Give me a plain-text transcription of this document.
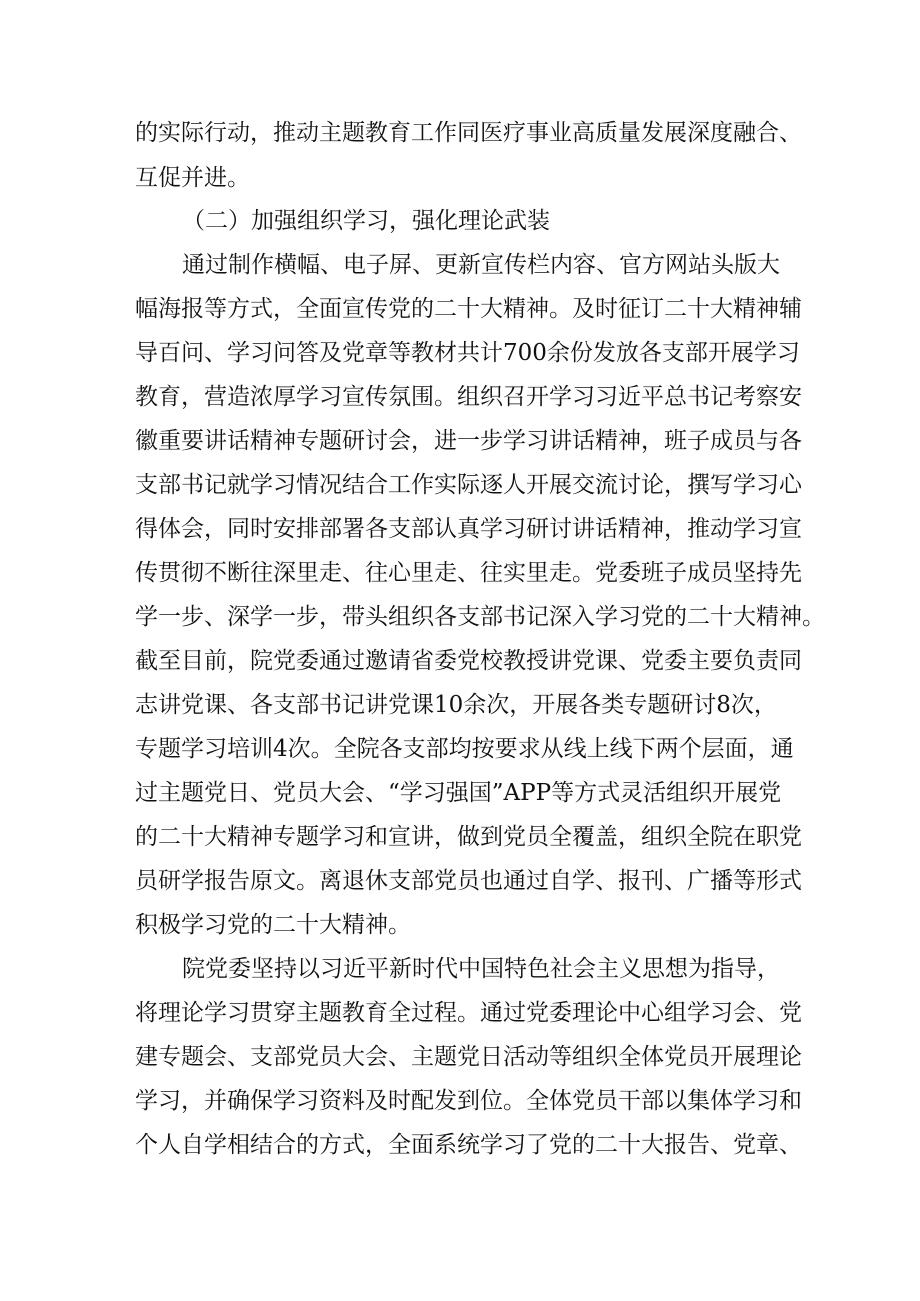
的实际行动，推动主题教育工作同医疗事业高质量发展深度融合、
互促并进。
（二）加强组织学习，强化理论武装
通过制作横幅、电子屏、更新宣传栏内容、官方网站头版大
幅海报等方式，全面宣传党的二十大精神。及时征订二十大精神辅
导百问、学习问答及党章等教材共计700余份发放各支部开展学习
教育，营造浓厚学习宣传氛围。组织召开学习习近平总书记考察安
徽重要讲话精神专题研讨会，进一步学习讲话精神，班子成员与各
支部书记就学习情况结合工作实际逐人开展交流讨论，撰写学习心
得体会，同时安排部署各支部认真学习研讨讲话精神，推动学习宣
传贯彻不断往深里走、往心里走、往实里走。党委班子成员坚持先
学一步、深学一步，带头组织各支部书记深入学习党的二十大精神。
截至目前，院党委通过邀请省委党校教授讲党课、党委主要负责同
志讲党课、各支部书记讲党课10余次，开展各类专题研讨8次，
专题学习培训4次。全院各支部均按要求从线上线下两个层面，通
过主题党日、党员大会、“学习强国”APP等方式灵活组织开展党
的二十大精神专题学习和宣讲，做到党员全覆盖，组织全院在职党
员研学报告原文。离退休支部党员也通过自学、报刊、广播等形式
积极学习党的二十大精神。
院党委坚持以习近平新时代中国特色社会主义思想为指导，
将理论学习贯穿主题教育全过程。通过党委理论中心组学习会、党
建专题会、支部党员大会、主题党日活动等组织全体党员开展理论
学习，并确保学习资料及时配发到位。全体党员干部以集体学习和
个人自学相结合的方式，全面系统学习了党的二十大报告、党章、
